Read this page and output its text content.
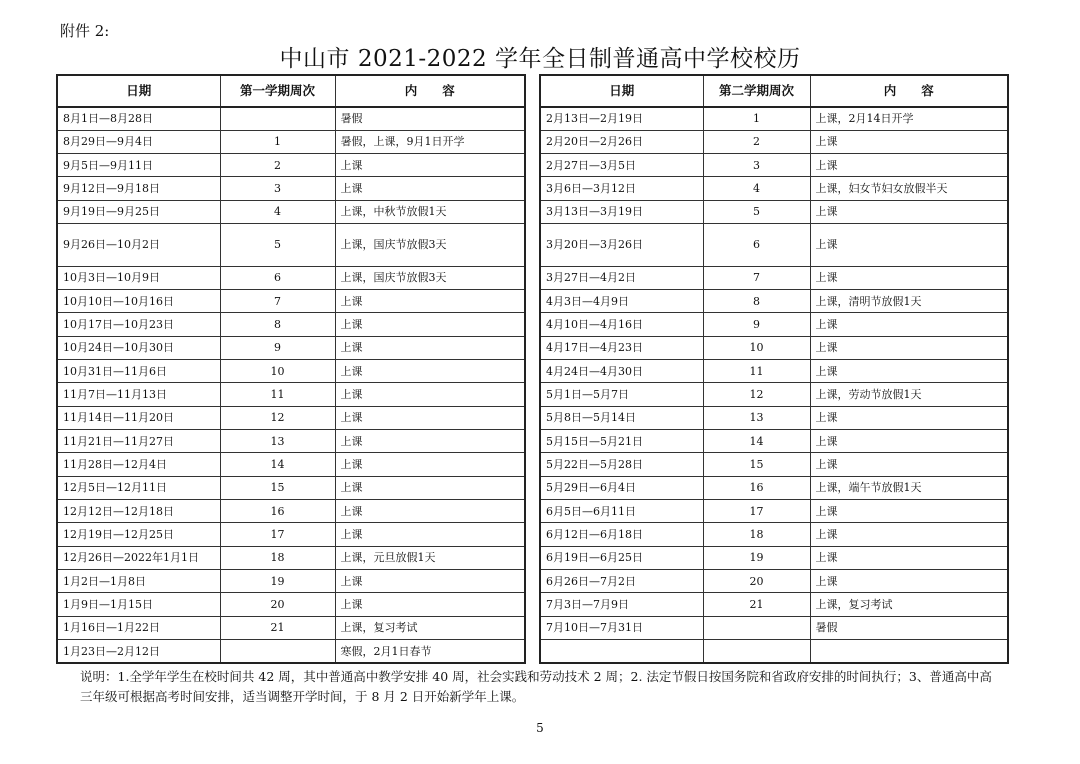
附件 2:
中山市 2021-2022 学年全日制普通高中学校校历
日期	第一学期周次	内　　容
8月1日—8月28日		暑假
8月29日—9月4日	1	暑假，上课，9月1日开学
9月5日—9月11日	2	上课
9月12日—9月18日	3	上课
9月19日—9月25日	4	上课，中秋节放假1天
9月26日—10月2日	5	上课，国庆节放假3天
10月3日—10月9日	6	上课，国庆节放假3天
10月10日—10月16日	7	上课
10月17日—10月23日	8	上课
10月24日—10月30日	9	上课
10月31日—11月6日	10	上课
11月7日—11月13日	11	上课
11月14日—11月20日	12	上课
11月21日—11月27日	13	上课
11月28日—12月4日	14	上课
12月5日—12月11日	15	上课
12月12日—12月18日	16	上课
12月19日—12月25日	17	上课
12月26日—2022年1月1日	18	上课，元旦放假1天
1月2日—1月8日	19	上课
1月9日—1月15日	20	上课
1月16日—1月22日	21	上课，复习考试
1月23日—2月12日		寒假，2月1日春节
日期	第二学期周次	内　　容
2月13日—2月19日	1	上课，2月14日开学
2月20日—2月26日	2	上课
2月27日—3月5日	3	上课
3月6日—3月12日	4	上课，妇女节妇女放假半天
3月13日—3月19日	5	上课
3月20日—3月26日	6	上课
3月27日—4月2日	7	上课
4月3日—4月9日	8	上课，清明节放假1天
4月10日—4月16日	9	上课
4月17日—4月23日	10	上课
4月24日—4月30日	11	上课
5月1日—5月7日	12	上课，劳动节放假1天
5月8日—5月14日	13	上课
5月15日—5月21日	14	上课
5月22日—5月28日	15	上课
5月29日—6月4日	16	上课，端午节放假1天
6月5日—6月11日	17	上课
6月12日—6月18日	18	上课
6月19日—6月25日	19	上课
6月26日—7月2日	20	上课
7月3日—7月9日	21	上课，复习考试
7月10日—7月31日		暑假

说明：1.全学年学生在校时间共 42 周，其中普通高中教学安排 40 周，社会实践和劳动技术 2 周；2. 法定节假日按国务院和省政府安排的时间执行；3、普通高中高三年级可根据高考时间安排，适当调整开学时间，于 8 月 2 日开始新学年上课。
5
